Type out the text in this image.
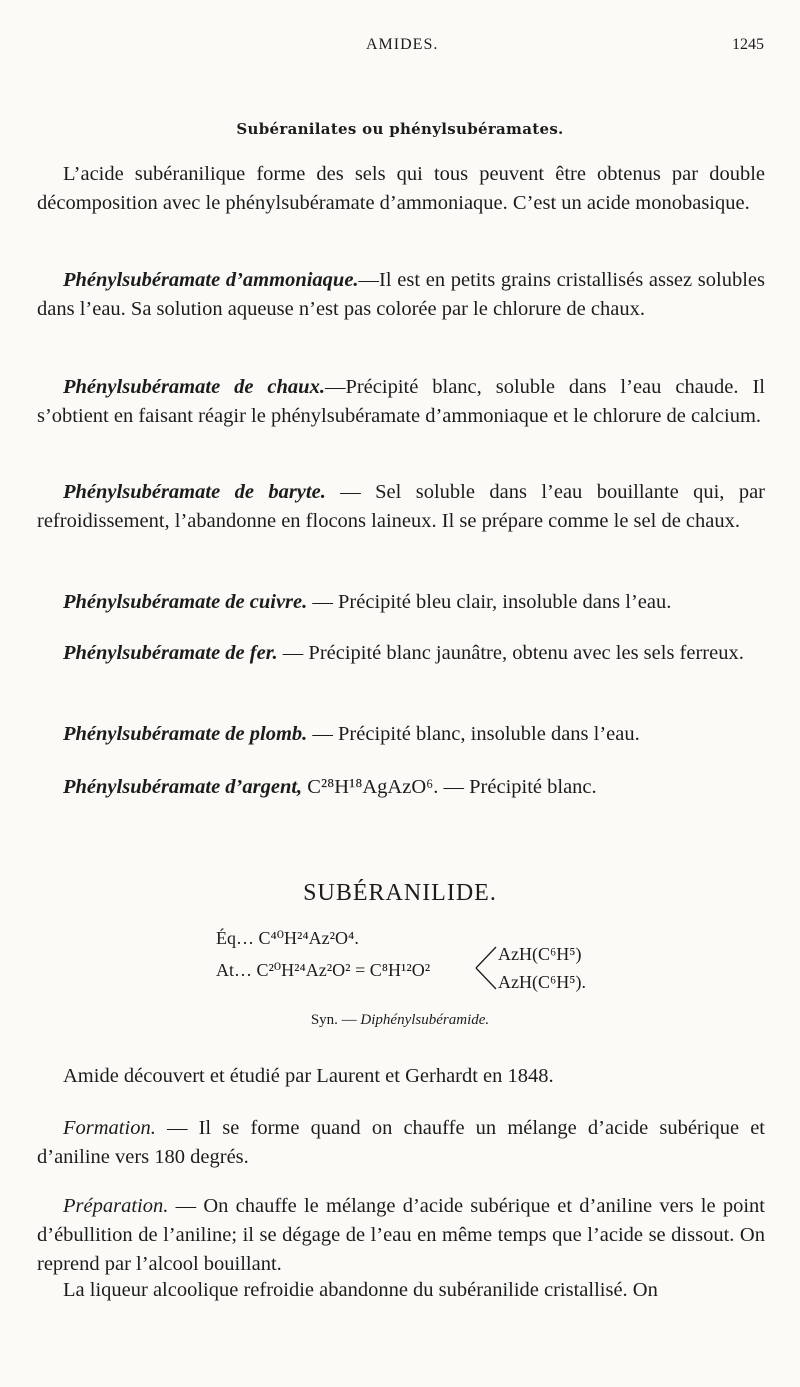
AMIDES.	1245
Subéranilates ou phénylsubéramates.

L’acide subéranilique forme des sels qui tous peuvent être obtenus par double décomposition avec le phénylsubéramate d’ammoniaque. C’est un acide monobasique.

Phénylsubéramate d’ammoniaque.—Il est en petits grains cristallisés assez solubles dans l’eau. Sa solution aqueuse n’est pas colorée par le chlorure de chaux.

Phénylsubéramate de chaux.—Précipité blanc, soluble dans l’eau chaude. Il s’obtient en faisant réagir le phénylsubéramate d’ammoniaque et le chlorure de calcium.

Phénylsubéramate de baryte. — Sel soluble dans l’eau bouillante qui, par refroidissement, l’abandonne en flocons laineux. Il se prépare comme le sel de chaux.

Phénylsubéramate de cuivre. — Précipité bleu clair, insoluble dans l’eau.

Phénylsubéramate de fer. — Précipité blanc jaunâtre, obtenu avec les sels ferreux.

Phénylsubéramate de plomb. — Précipité blanc, insoluble dans l’eau.

Phénylsubéramate d’argent, C²⁸H¹⁸AgAzO⁶. — Précipité blanc.

SUBÉRANILIDE.
Éq… C⁴⁰H²⁴Az²O⁴.
At… C²⁰H²⁴Az²O² = C⁸H¹²O²
AzH(C⁶H⁵)
AzH(C⁶H⁵).
Syn. — Diphénylsubéramide.

Amide découvert et étudié par Laurent et Gerhardt en 1848.

Formation. — Il se forme quand on chauffe un mélange d’acide subérique et d’aniline vers 180 degrés.

Préparation. — On chauffe le mélange d’acide subérique et d’aniline vers le point d’ébullition de l’aniline; il se dégage de l’eau en même temps que l’acide se dissout. On reprend par l’alcool bouillant.

La liqueur alcoolique refroidie abandonne du subéranilide cristallisé. On
